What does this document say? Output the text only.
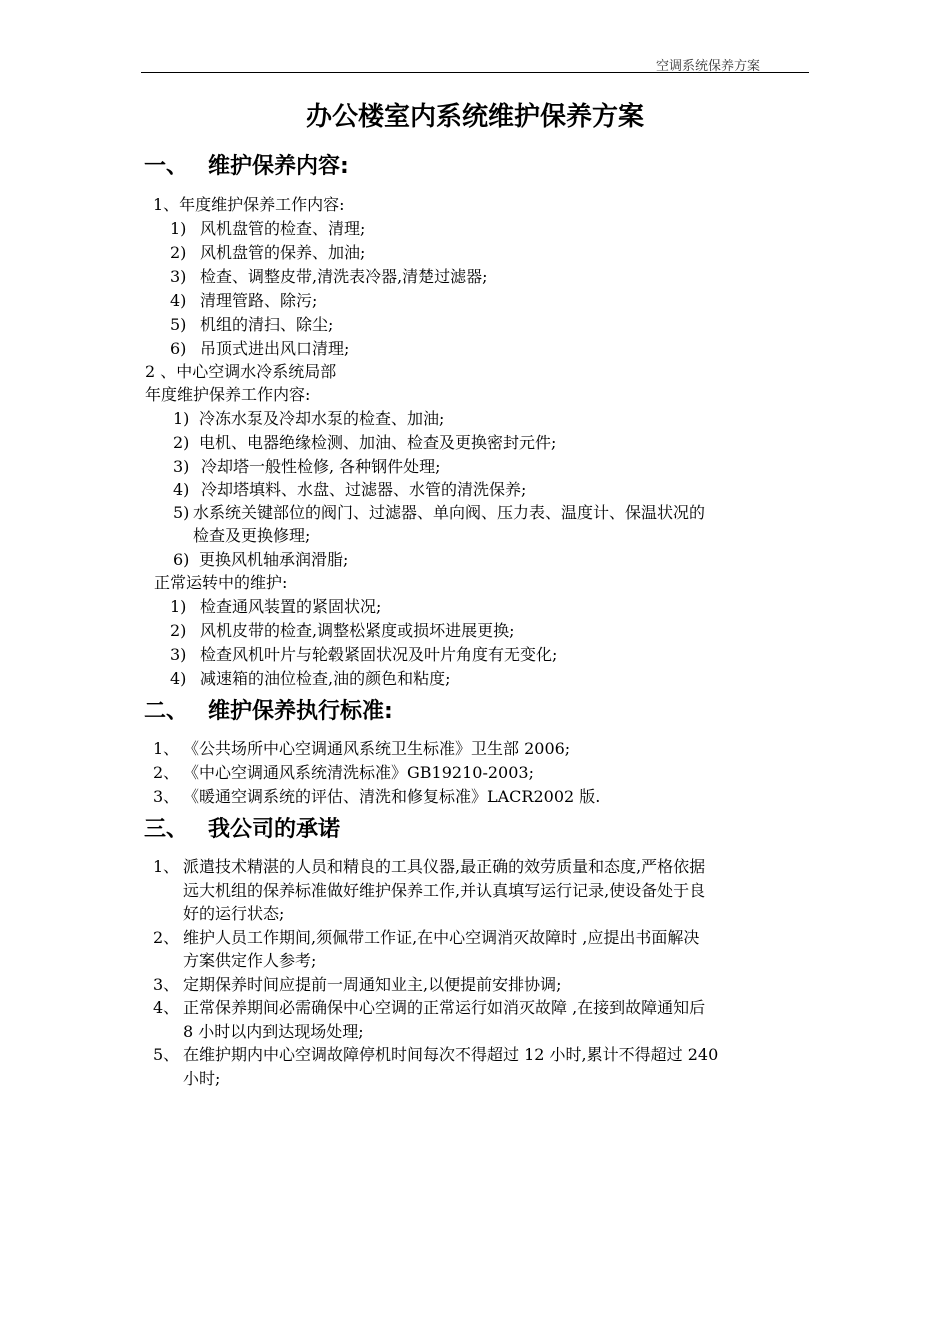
空调系统保养方案
办公楼室内系统维护保养方案
一、 维护保养内容:
1、年度维护保养工作内容:
1) 风机盘管的检查、清理;
2) 风机盘管的保养、加油;
3) 检查、调整皮带,清洗表冷器,清楚过滤器;
4) 清理管路、除污;
5) 机组的清扫、除尘;
6) 吊顶式进出风口清理;
2 、中心空调水冷系统局部
年度维护保养工作内容:
1) 冷冻水泵及冷却水泵的检查、加油;
2) 电机、电器绝缘检测、加油、检查及更换密封元件;
3) 冷却塔一般性检修, 各种钢件处理;
4) 冷却塔填料、水盘、过滤器、水管的清洗保养;
5) 水系统关键部位的阀门、过滤器、单向阀、压力表、温度计、保温状况的
检查及更换修理;
6) 更换风机轴承润滑脂;
正常运转中的维护:
1) 检查通风装置的紧固状况;
2) 风机皮带的检查,调整松紧度或损坏进展更换;
3) 检查风机叶片与轮毂紧固状况及叶片角度有无变化;
4) 减速箱的油位检查,油的颜色和粘度;
二、 维护保养执行标准:
1、 《公共场所中心空调通风系统卫生标准》卫生部 2006;
2、 《中心空调通风系统清洗标准》GB19210-2003;
3、 《暖通空调系统的评估、清洗和修复标准》LACR2002 版.
三、 我公司的承诺
1、 派遣技术精湛的人员和精良的工具仪器,最正确的效劳质量和态度,严格依据
远大机组的保养标准做好维护保养工作,并认真填写运行记录,使设备处于良
好的运行状态;
2、 维护人员工作期间,须佩带工作证,在中心空调消灭故障时 ,应提出书面解决
方案供定作人参考;
3、 定期保养时间应提前一周通知业主,以便提前安排协调;
4、 正常保养期间必需确保中心空调的正常运行如消灭故障 ,在接到故障通知后
8 小时以内到达现场处理;
5、 在维护期内中心空调故障停机时间每次不得超过 12 小时,累计不得超过 240
小时;
